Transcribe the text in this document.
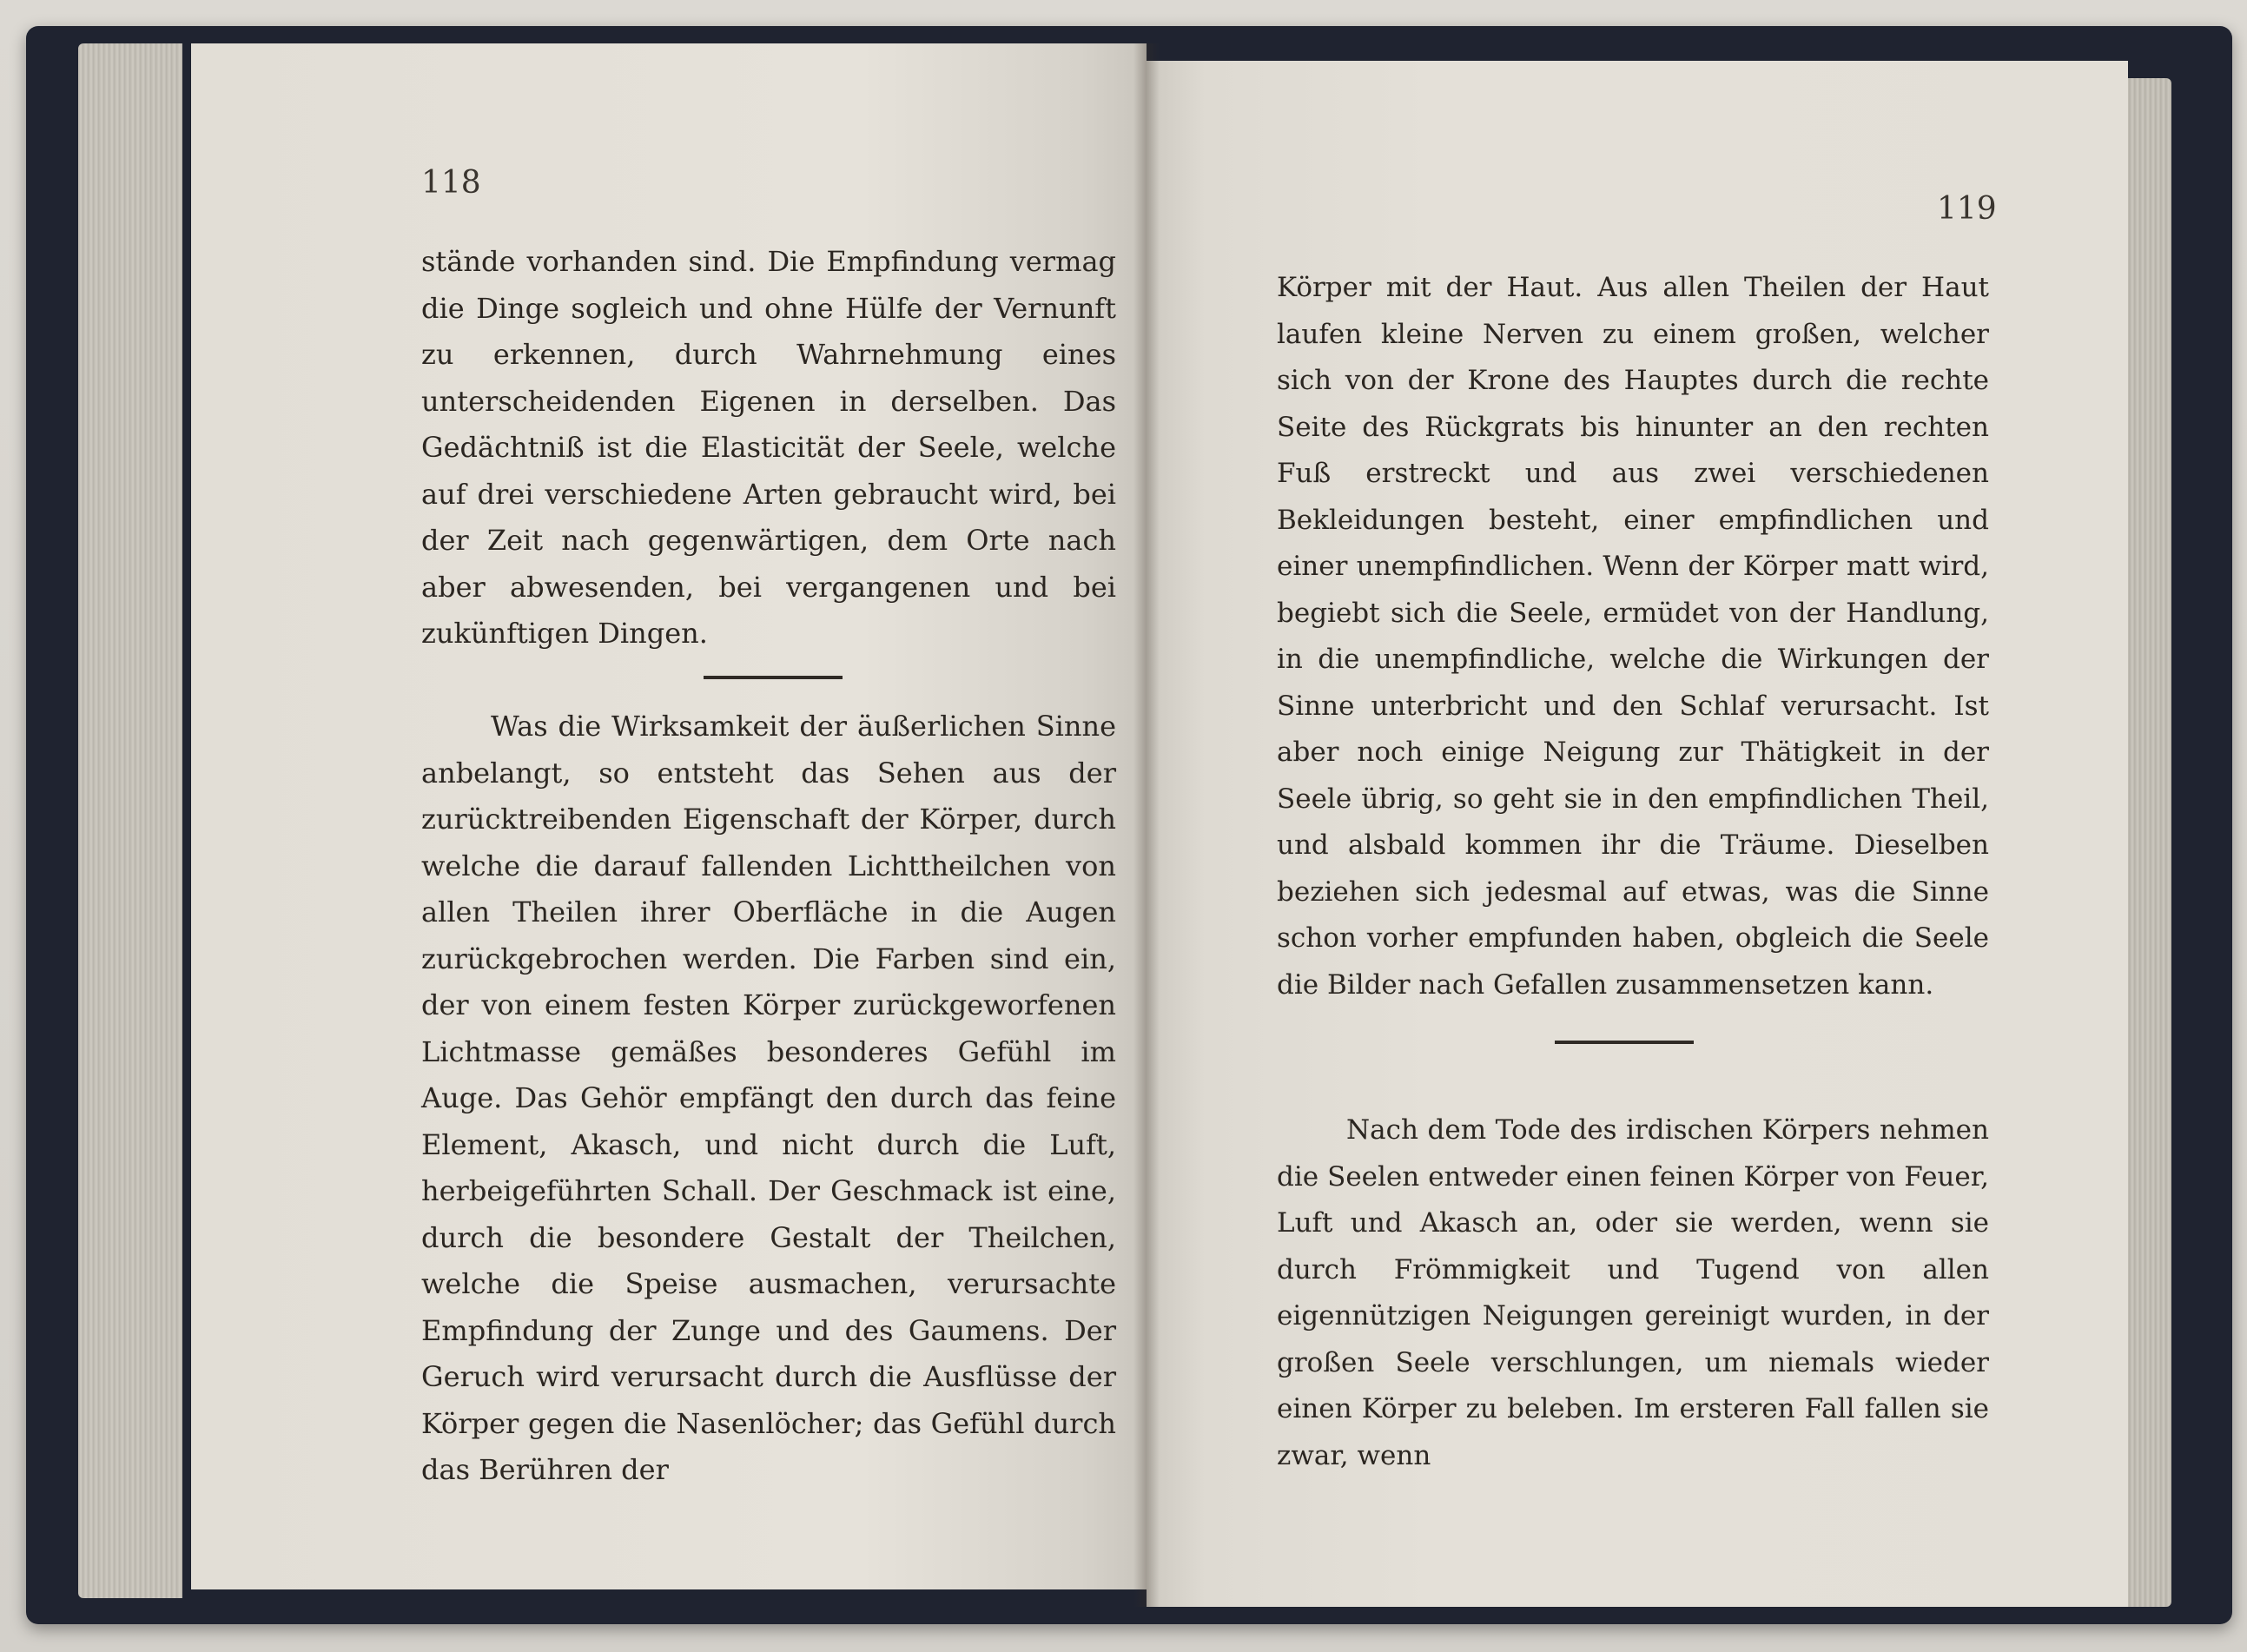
118

stände vorhanden sind. Die Empfindung vermag die Dinge sogleich und ohne Hülfe der Vernunft zu erkennen, durch Wahrnehmung eines unterscheidenden Eigenen in derselben. Das Gedächtniß ist die Elasticität der Seele, welche auf drei verschiedene Arten gebraucht wird, bei der Zeit nach gegenwärtigen, dem Orte nach aber abwesenden, bei vergangenen und bei zukünftigen Dingen.

Was die Wirksamkeit der äußerlichen Sinne anbelangt, so entsteht das Sehen aus der zurücktreibenden Eigenschaft der Körper, durch welche die darauf fallenden Lichttheilchen von allen Theilen ihrer Oberfläche in die Augen zurückgebrochen werden. Die Farben sind ein, der von einem festen Körper zurückgeworfenen Lichtmasse gemäßes besonderes Gefühl im Auge. Das Gehör empfängt den durch das feine Element, Akasch, und nicht durch die Luft, herbeigeführten Schall. Der Geschmack ist eine, durch die besondere Gestalt der Theilchen, welche die Speise ausmachen, verursachte Empfindung der Zunge und des Gaumens. Der Geruch wird verursacht durch die Ausflüsse der Körper gegen die Nasenlöcher; das Gefühl durch das Berühren der

119

Körper mit der Haut. Aus allen Theilen der Haut laufen kleine Nerven zu einem großen, welcher sich von der Krone des Hauptes durch die rechte Seite des Rückgrats bis hinunter an den rechten Fuß erstreckt und aus zwei verschiedenen Bekleidungen besteht, einer empfindlichen und einer unempfindlichen. Wenn der Körper matt wird, begiebt sich die Seele, ermüdet von der Handlung, in die unempfindliche, welche die Wirkungen der Sinne unterbricht und den Schlaf verursacht. Ist aber noch einige Neigung zur Thätigkeit in der Seele übrig, so geht sie in den empfindlichen Theil, und alsbald kommen ihr die Träume. Dieselben beziehen sich jedesmal auf etwas, was die Sinne schon vorher empfunden haben, obgleich die Seele die Bilder nach Gefallen zusammensetzen kann.

Nach dem Tode des irdischen Körpers nehmen die Seelen entweder einen feinen Körper von Feuer, Luft und Akasch an, oder sie werden, wenn sie durch Frömmigkeit und Tugend von allen eigennützigen Neigungen gereinigt wurden, in der großen Seele verschlungen, um niemals wieder einen Körper zu beleben. Im ersteren Fall fallen sie zwar, wenn
